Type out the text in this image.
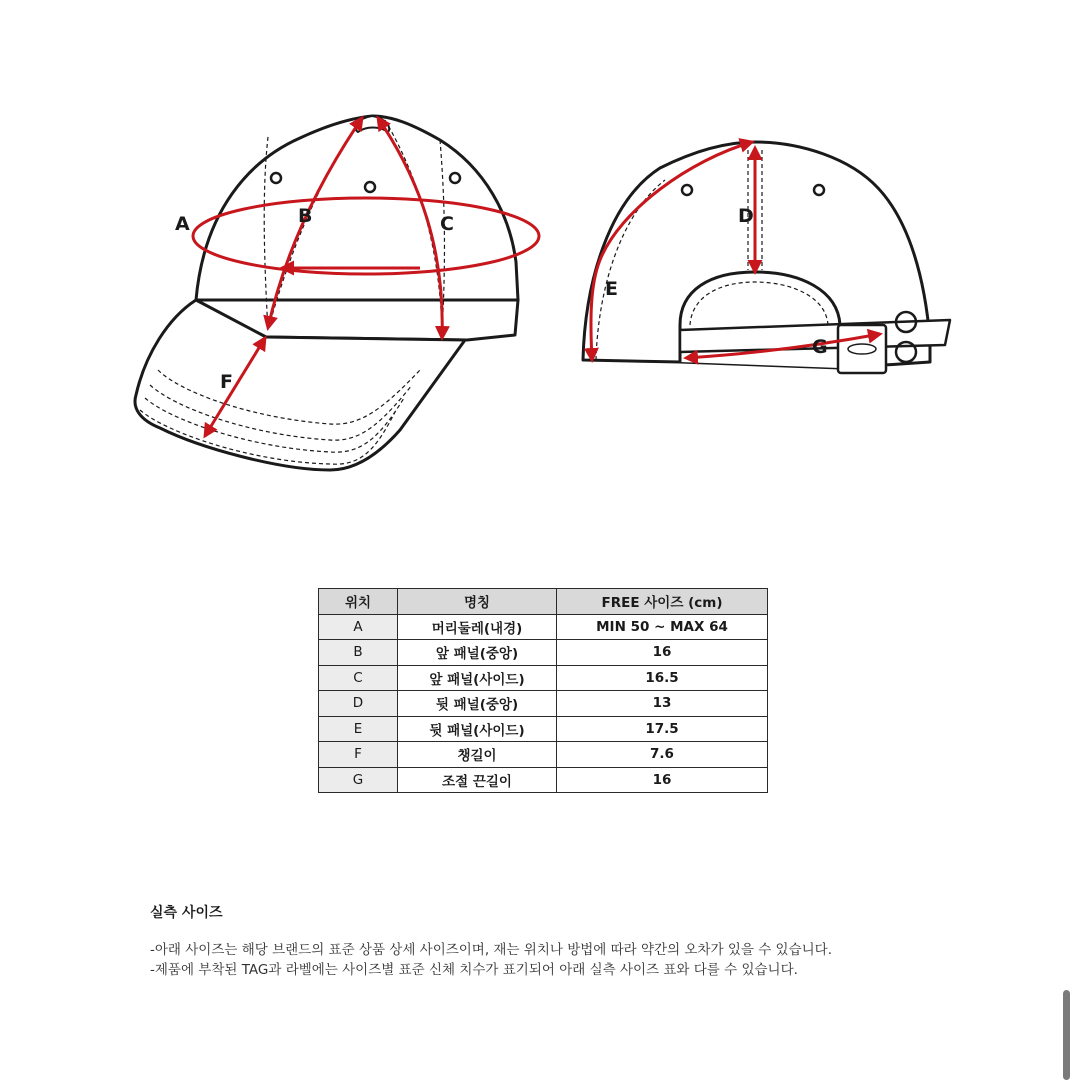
A	B	C	D
E
F
G
위치	명칭	FREE 사이즈 (cm)
A	머리둘레(내경)	MIN 50 ~ MAX 64
B	앞 패널(중앙)	16
C	앞 패널(사이드)	16.5
D	뒷 패널(중앙)	13
E	뒷 패널(사이드)	17.5
F	챙길이	7.6
G	조절 끈길이	16
실측 사이즈
-아래 사이즈는 해당 브랜드의 표준 상품 상세 사이즈이며, 재는 위치나 방법에 따라 약간의 오차가 있을 수 있습니다.
-제품에 부착된 TAG과 라벨에는 사이즈별 표준 신체 치수가 표기되어 아래 실측 사이즈 표와 다를 수 있습니다.
